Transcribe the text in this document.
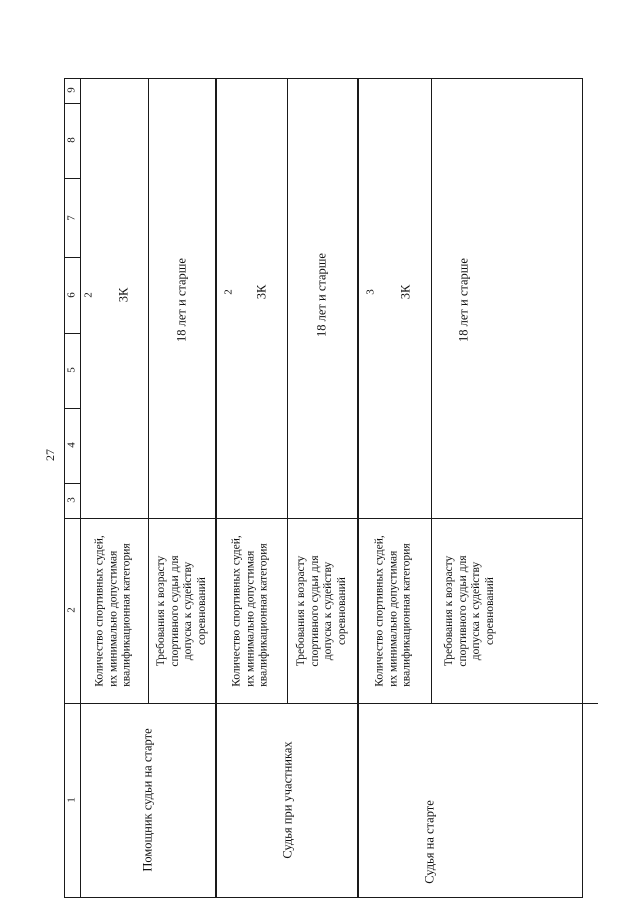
27
1
2
3
4
5
6
7
8
9
Помощник судьи на старте
Количество спортивных судей, их минимально допустимая квалификационная категория
2 3К
Требования к возрасту спортивного судьи для допуска к судейству соревнований
18 лет и старше
Судья при участниках
Количество спортивных судей, их минимально допустимая квалификационная категория
2 3К
Требования к возрасту спортивного судьи для допуска к судейству соревнований
18 лет и старше
Судья на старте
Количество спортивных судей, их минимально допустимая квалификационная категория
3 3К
Требования к возрасту спортивного судьи для допуска к судейству соревнований
18 лет и старше
